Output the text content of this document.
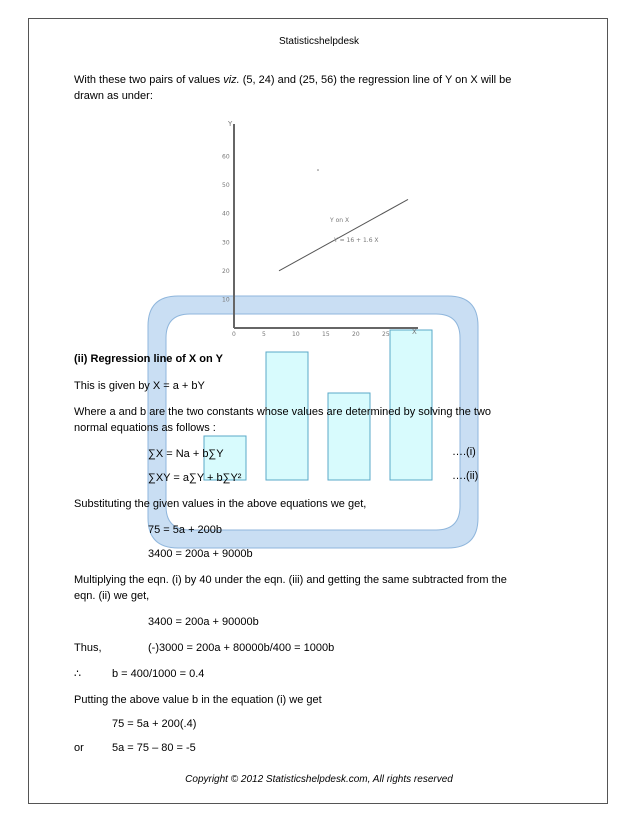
0	5	10	15	20	25
10
20
30
40
50
60
Y on X
Y = 16 + 1.6 X
Y
X
Statisticshelpdesk
With these two pairs of values viz. (5, 24) and (25, 56) the regression line of Y on X will be
drawn as under:
(ii) Regression line of X on Y
This is given by X = a + bY
Where a and b are the two constants whose values are determined by solving the two
normal equations as follows :
∑X = Na + b∑Y	….(i)
∑XY = a∑Y + b∑Y²	….(ii)
Substituting the given values in the above equations we get,
75 = 5a + 200b
3400 = 200a + 9000b
Multiplying the eqn. (i) by 40 under the eqn. (iii) and getting the same subtracted from the
eqn. (ii) we get,
3400 = 200a + 90000b
Thus,	(-)3000 = 200a + 80000b/400 = 1000b
∴	b = 400/1000 = 0.4
Putting the above value b in the equation (i) we get
75 = 5a + 200(.4)
or	5a = 75 – 80 = -5
Copyright © 2012 Statisticshelpdesk.com, All rights reserved
